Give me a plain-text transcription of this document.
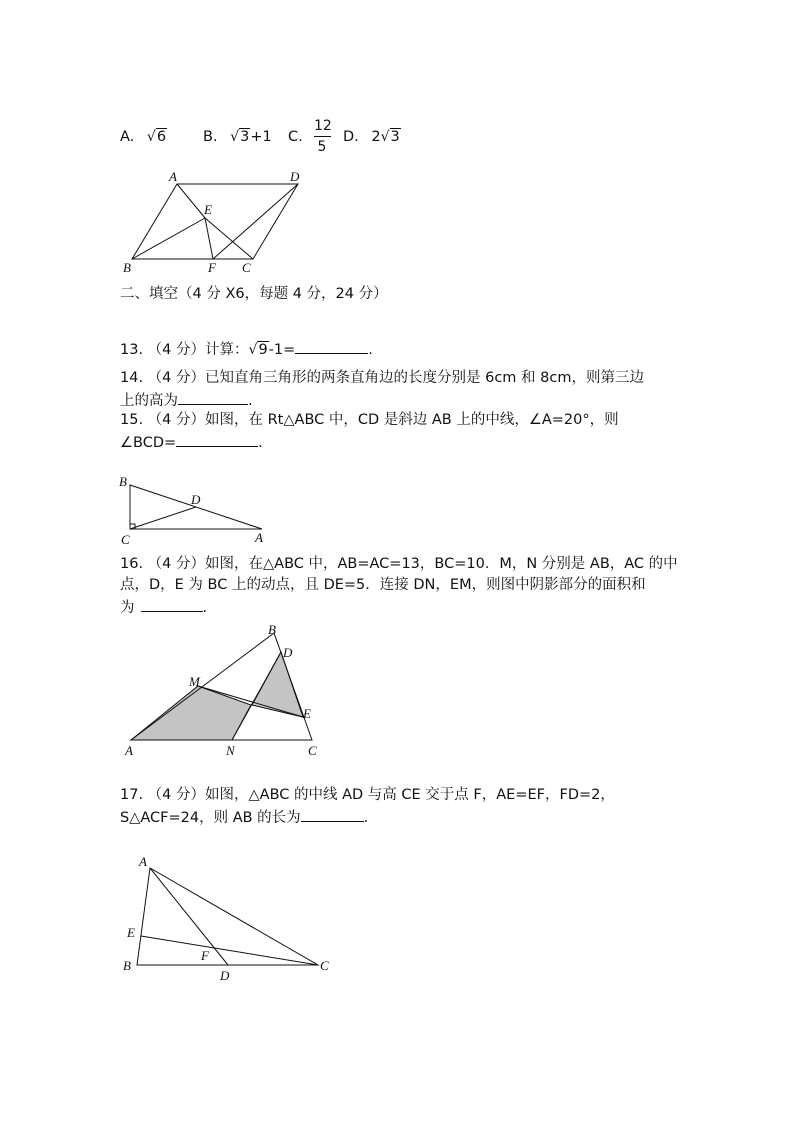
A. √6	B. √3+1 C.
12
5
D. 2√3
A	D
E
B	F C
二、填空（4 分 X6，每题 4 分，24 分）
13. （4 分）计算：√9-1=	.
14. （4 分）已知直角三角形的两条直角边的长度分别是 6cm 和 8cm，则第三边
上的高为	.
15. （4 分）如图，在 Rt△ABC 中，CD 是斜边 AB 上的中线，∠A=20°，则
∠BCD=	.
B
D
C	A
16. （4 分）如图，在△ABC 中，AB=AC=13，BC=10．M，N 分别是 AB，AC 的中
点，D，E 为 BC 上的动点，且 DE=5．连接 DN，EM，则图中阴影部分的面积和
为	.
B
D
M
E
A	N	C
17. （4 分）如图，△ABC 的中线 AD 与高 CE 交于点 F，AE=EF，FD=2，
S△ACF=24，则 AB 的长为	.
A
E
F
B
D
C
